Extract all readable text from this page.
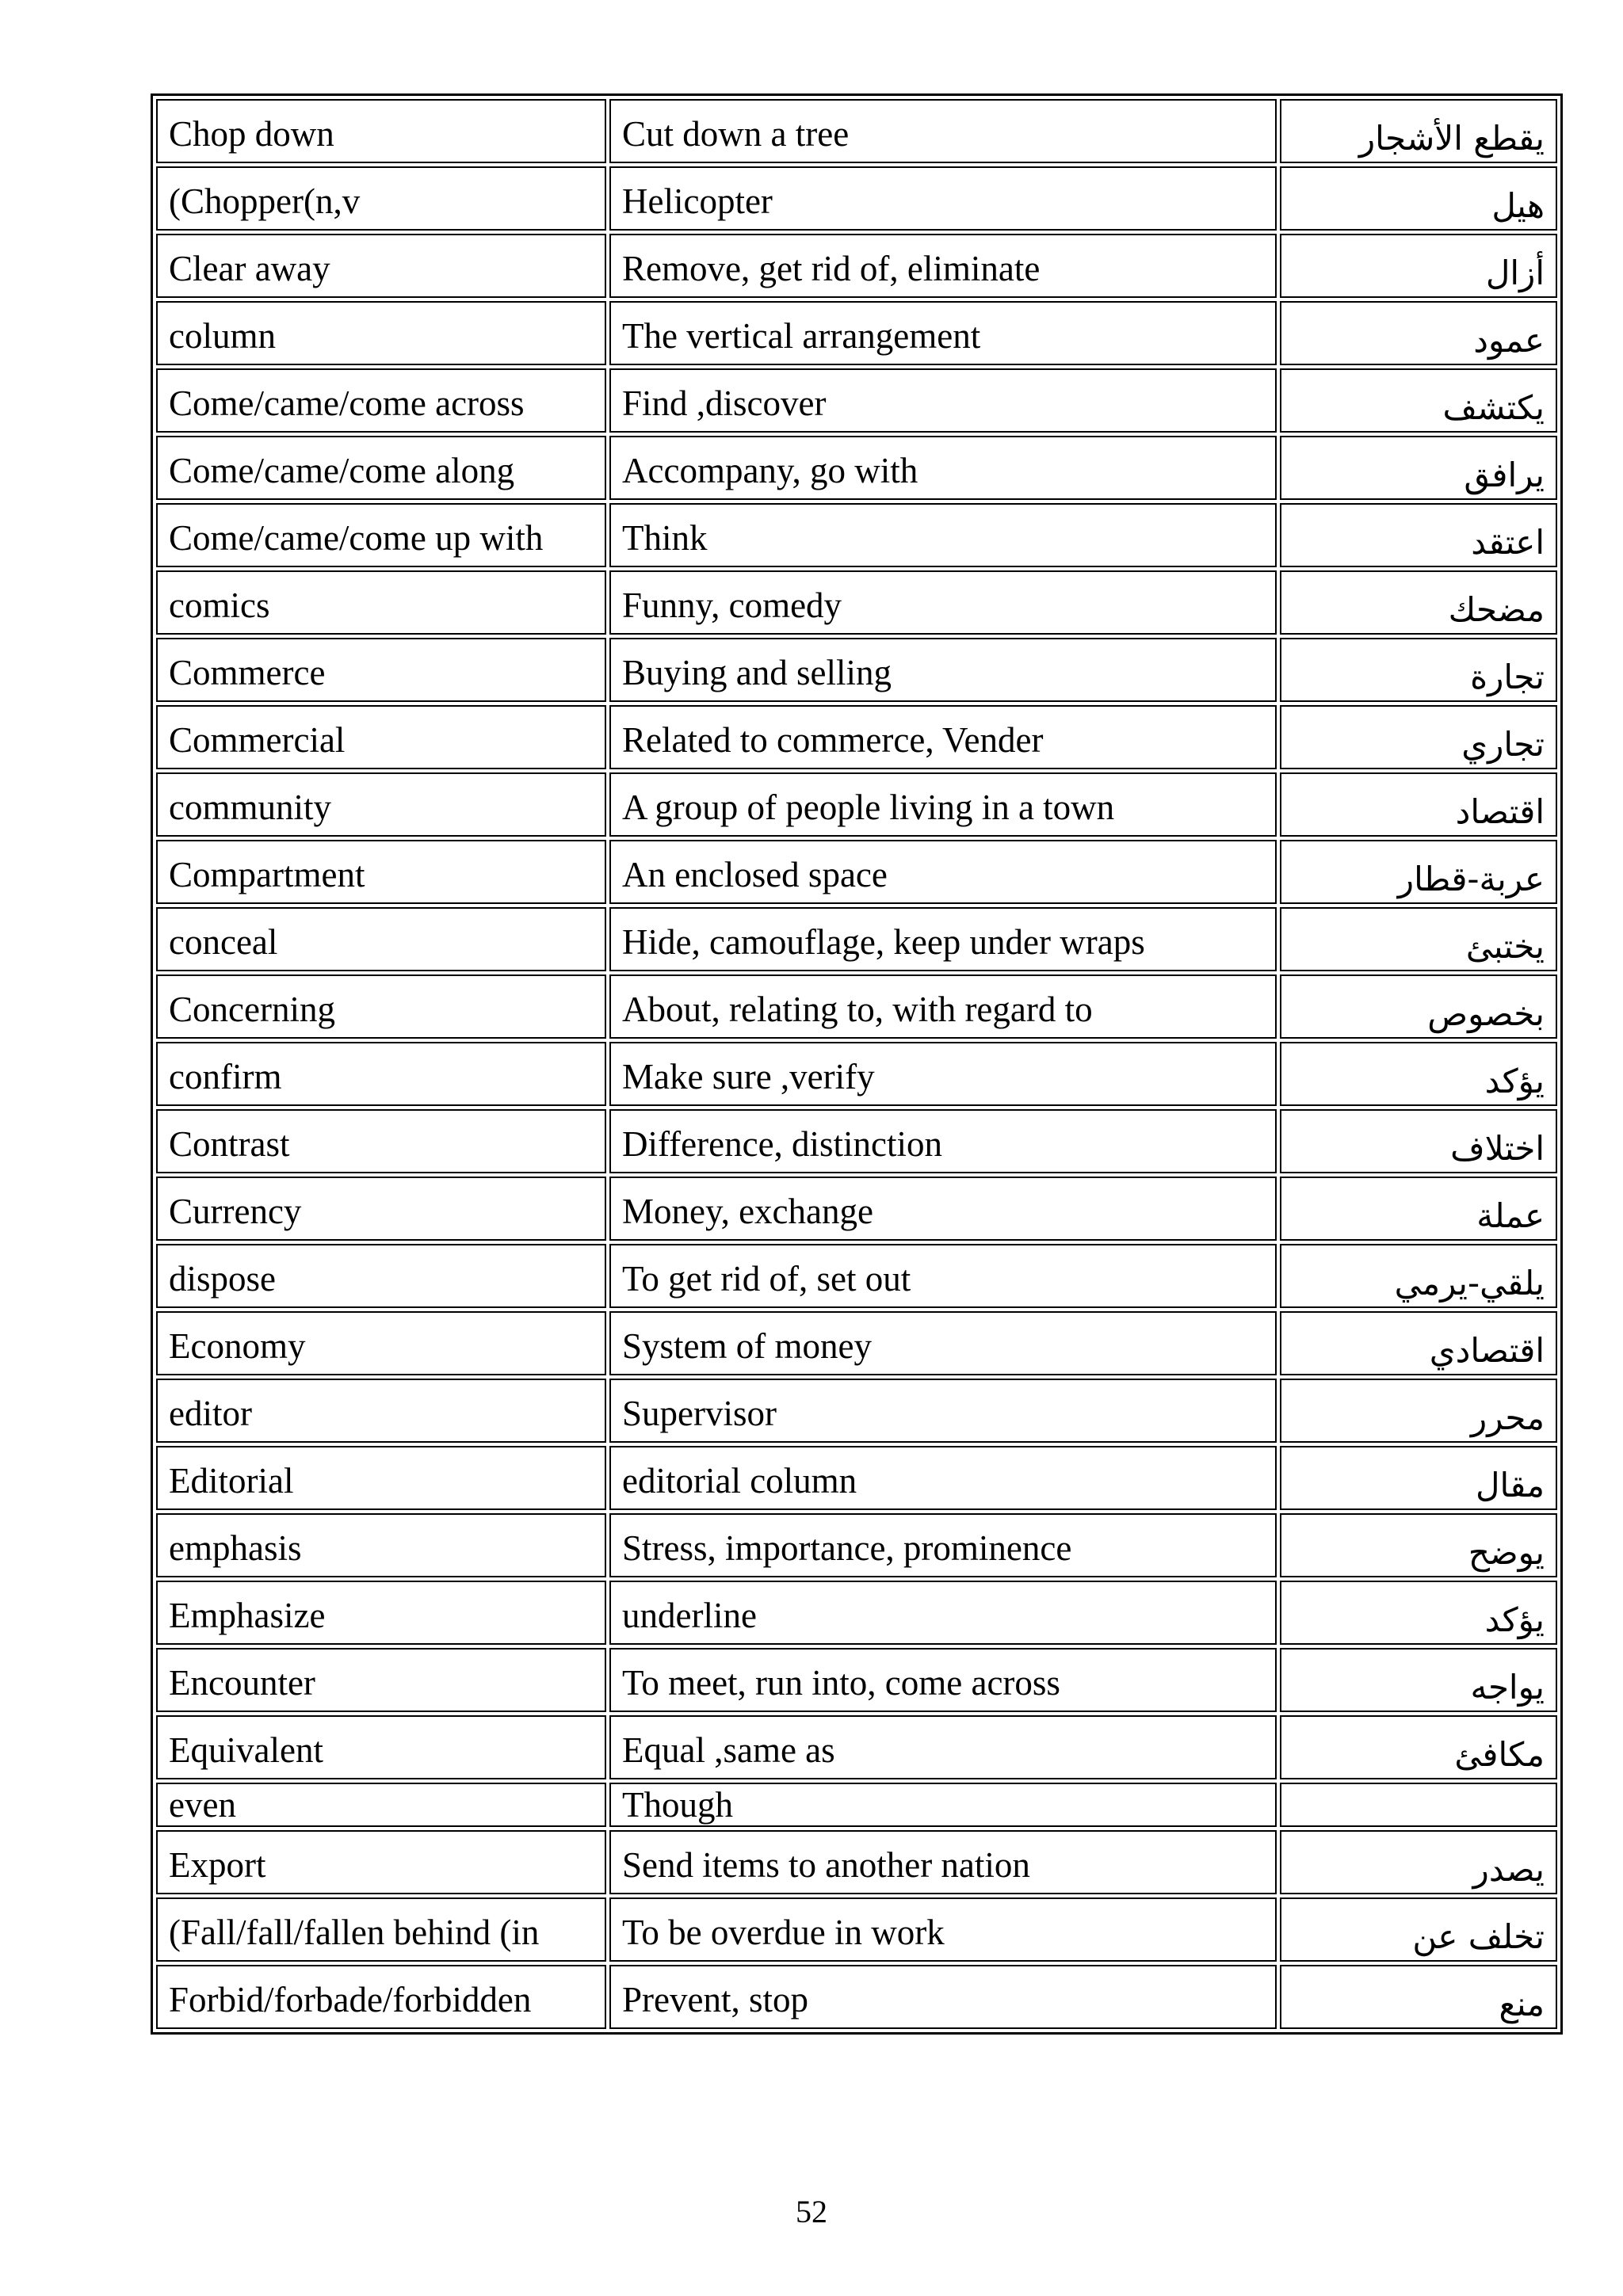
Chop down	Cut down a tree	يقطع الأشجار
(Chopper(n,v	Helicopter	هيل
Clear away	Remove, get rid of, eliminate	أزال
column	The vertical arrangement	عمود
Come/came/come across	Find ,discover	يكتشف
Come/came/come along	Accompany, go with	يرافق
Come/came/come up with	Think	اعتقد
comics	Funny, comedy	مضحك
Commerce	Buying and selling	تجارة
Commercial	Related to commerce, Vender	تجاري
community	A group of people living in a town	اقتصاد
Compartment	An enclosed space	عربة-قطار
conceal	Hide, camouflage, keep under wraps	يختبئ
Concerning	About, relating to, with regard to	بخصوص
confirm	Make sure ,verify	يؤكد
Contrast	Difference, distinction	اختلاف
Currency	Money, exchange	عملة
dispose	To get rid of, set out	يلقي-يرمي
Economy	System of money	اقتصادي
editor	Supervisor	محرر
Editorial	editorial column	مقال
emphasis	Stress, importance, prominence	يوضح
Emphasize	underline	يؤكد
Encounter	To meet, run into, come across	يواجه
Equivalent	Equal ,same as	مكافئ
even	Though	
Export	Send items to another nation	يصدر
(Fall/fall/fallen behind (in	To be overdue in work	تخلف عن
Forbid/forbade/forbidden	Prevent, stop	منع
52
